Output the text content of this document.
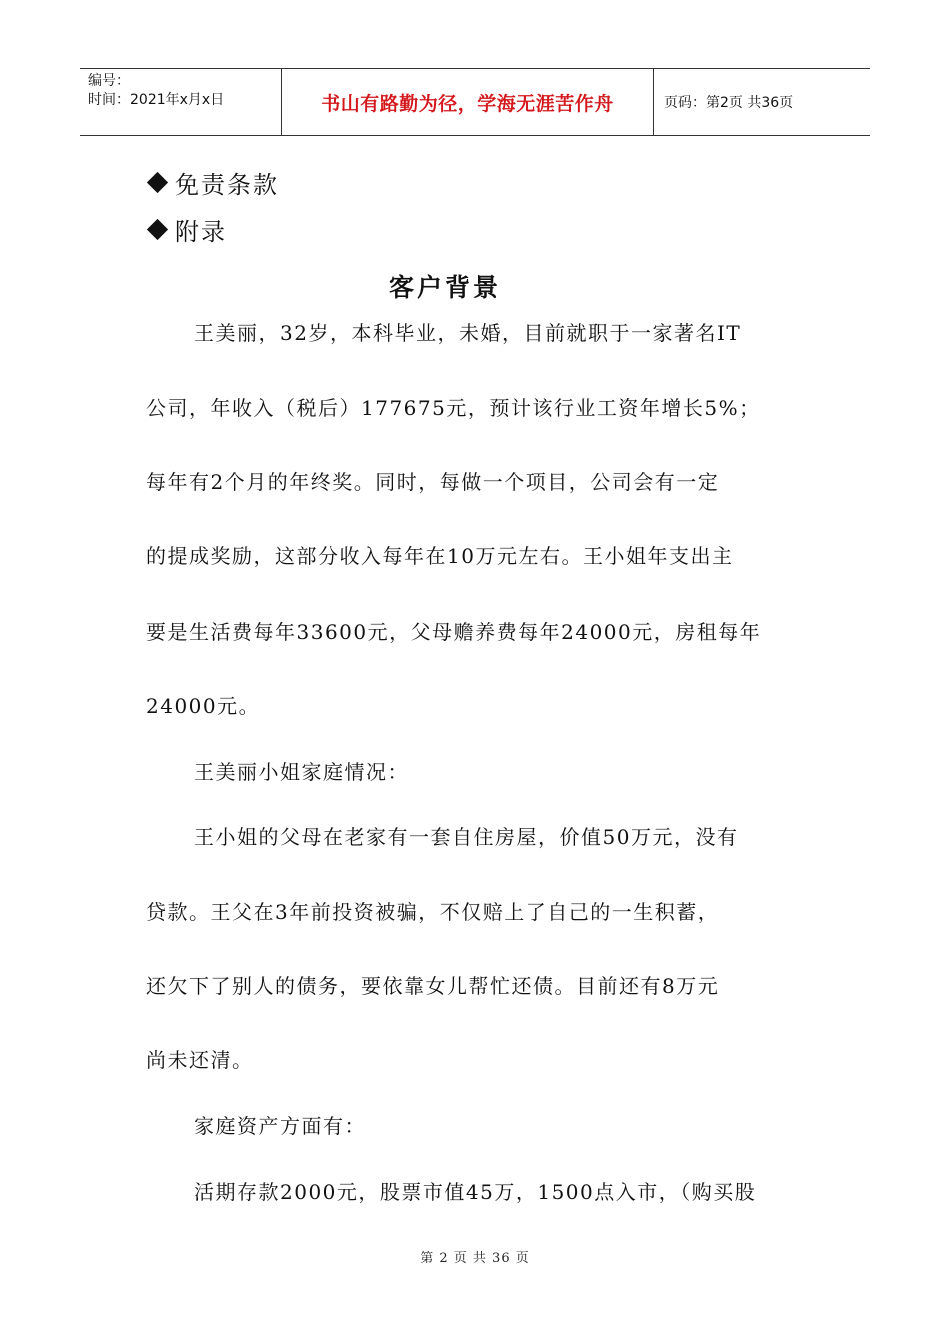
编号：
时间：2021年x月x日	书山有路勤为径，学海无涯苦作舟	页码：第2页 共36页
免责条款
附录
客户背景
王美丽，32岁，本科毕业，未婚，目前就职于一家著名IT
公司，年收入（税后）177675元，预计该行业工资年增长5%；
每年有2个月的年终奖。同时，每做一个项目，公司会有一定
的提成奖励，这部分收入每年在10万元左右。王小姐年支出主
要是生活费每年33600元，父母赡养费每年24000元，房租每年
24000元。
王美丽小姐家庭情况：
王小姐的父母在老家有一套自住房屋，价值50万元，没有
贷款。王父在3年前投资被骗，不仅赔上了自己的一生积蓄，
还欠下了别人的债务，要依靠女儿帮忙还债。目前还有8万元
尚未还清。
家庭资产方面有：
活期存款2000元，股票市值45万，1500点入市，（购买股
第 2 页 共 36 页
